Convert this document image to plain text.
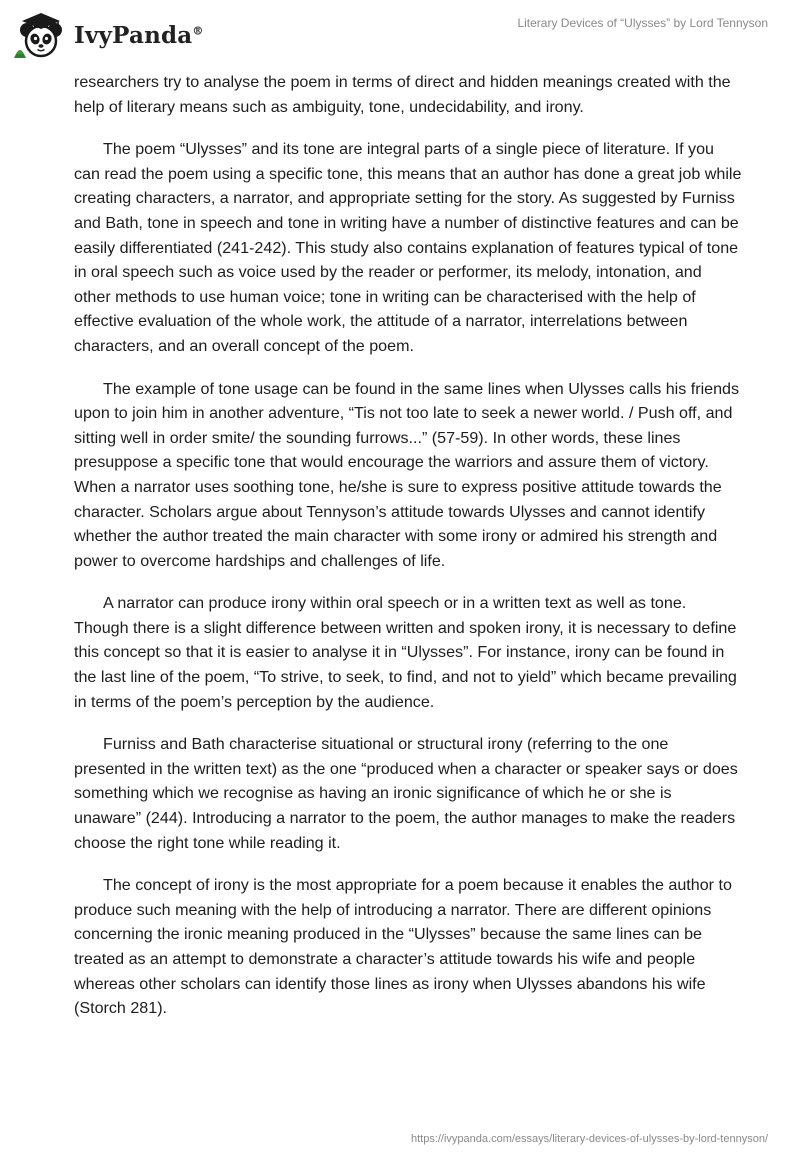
IvyPanda®
Literary Devices of “Ulysses” by Lord Tennyson

researchers try to analyse the poem in terms of direct and hidden meanings created with the help of literary means such as ambiguity, tone, undecidability, and irony.

The poem “Ulysses” and its tone are integral parts of a single piece of literature. If you can read the poem using a specific tone, this means that an author has done a great job while creating characters, a narrator, and appropriate setting for the story. As suggested by Furniss and Bath, tone in speech and tone in writing have a number of distinctive features and can be easily differentiated (241-242). This study also contains explanation of features typical of tone in oral speech such as voice used by the reader or performer, its melody, intonation, and other methods to use human voice; tone in writing can be characterised with the help of effective evaluation of the whole work, the attitude of a narrator, interrelations between characters, and an overall concept of the poem.

The example of tone usage can be found in the same lines when Ulysses calls his friends upon to join him in another adventure, “Tis not too late to seek a newer world. / Push off, and sitting well in order smite/ the sounding furrows...” (57-59). In other words, these lines presuppose a specific tone that would encourage the warriors and assure them of victory. When a narrator uses soothing tone, he/she is sure to express positive attitude towards the character. Scholars argue about Tennyson’s attitude towards Ulysses and cannot identify whether the author treated the main character with some irony or admired his strength and power to overcome hardships and challenges of life.

A narrator can produce irony within oral speech or in a written text as well as tone. Though there is a slight difference between written and spoken irony, it is necessary to define this concept so that it is easier to analyse it in “Ulysses”. For instance, irony can be found in the last line of the poem, “To strive, to seek, to find, and not to yield” which became prevailing in terms of the poem’s perception by the audience.

Furniss and Bath characterise situational or structural irony (referring to the one presented in the written text) as the one “produced when a character or speaker says or does something which we recognise as having an ironic significance of which he or she is unaware” (244). Introducing a narrator to the poem, the author manages to make the readers choose the right tone while reading it.

The concept of irony is the most appropriate for a poem because it enables the author to produce such meaning with the help of introducing a narrator. There are different opinions concerning the ironic meaning produced in the “Ulysses” because the same lines can be treated as an attempt to demonstrate a character’s attitude towards his wife and people whereas other scholars can identify those lines as irony when Ulysses abandons his wife (Storch 281).

https://ivypanda.com/essays/literary-devices-of-ulysses-by-lord-tennyson/
